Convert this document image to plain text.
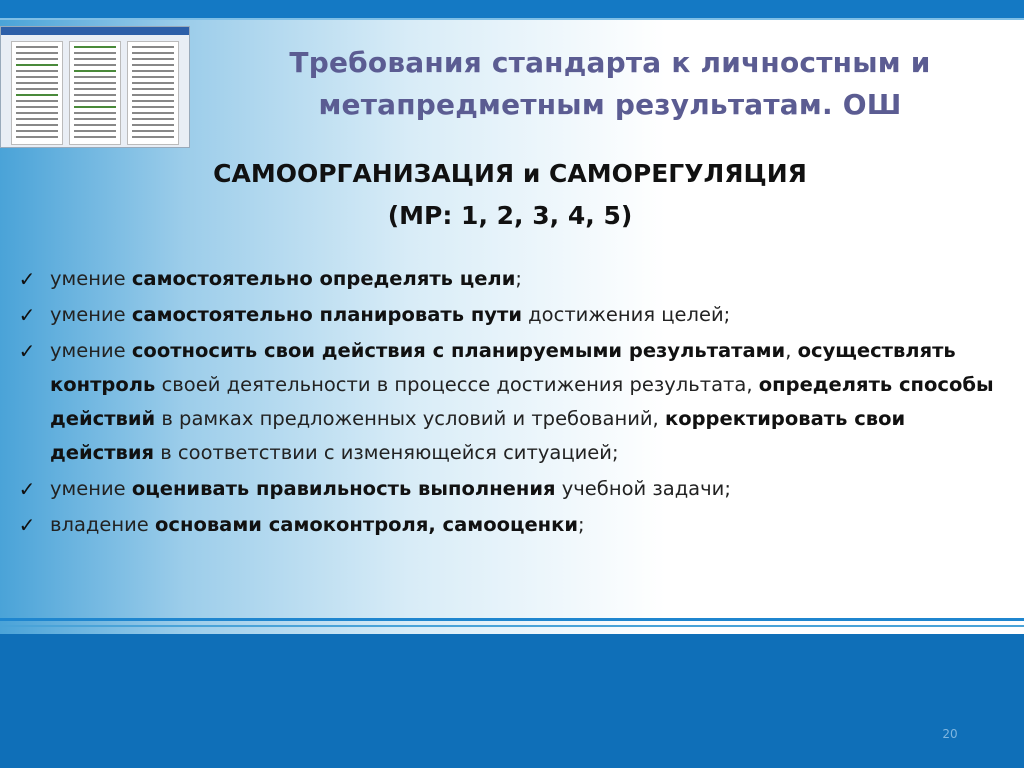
Требования стандарта к личностным и
метапредметным результатам. ОШ
САМООРГАНИЗАЦИЯ и САМОРЕГУЛЯЦИЯ
(МР: 1, 2, 3, 4, 5)
✓ умение самостоятельно определять цели;
✓ умение самостоятельно планировать пути достижения целей;
✓ умение соотносить свои действия с планируемыми результатами, осуществлять контроль своей деятельности в процессе достижения результата, определять способы действий в рамках предложенных условий и требований, корректировать свои действия в соответствии с изменяющейся ситуацией;
✓ умение оценивать правильность выполнения учебной задачи;
✓ владение основами самоконтроля, самооценки;
20
